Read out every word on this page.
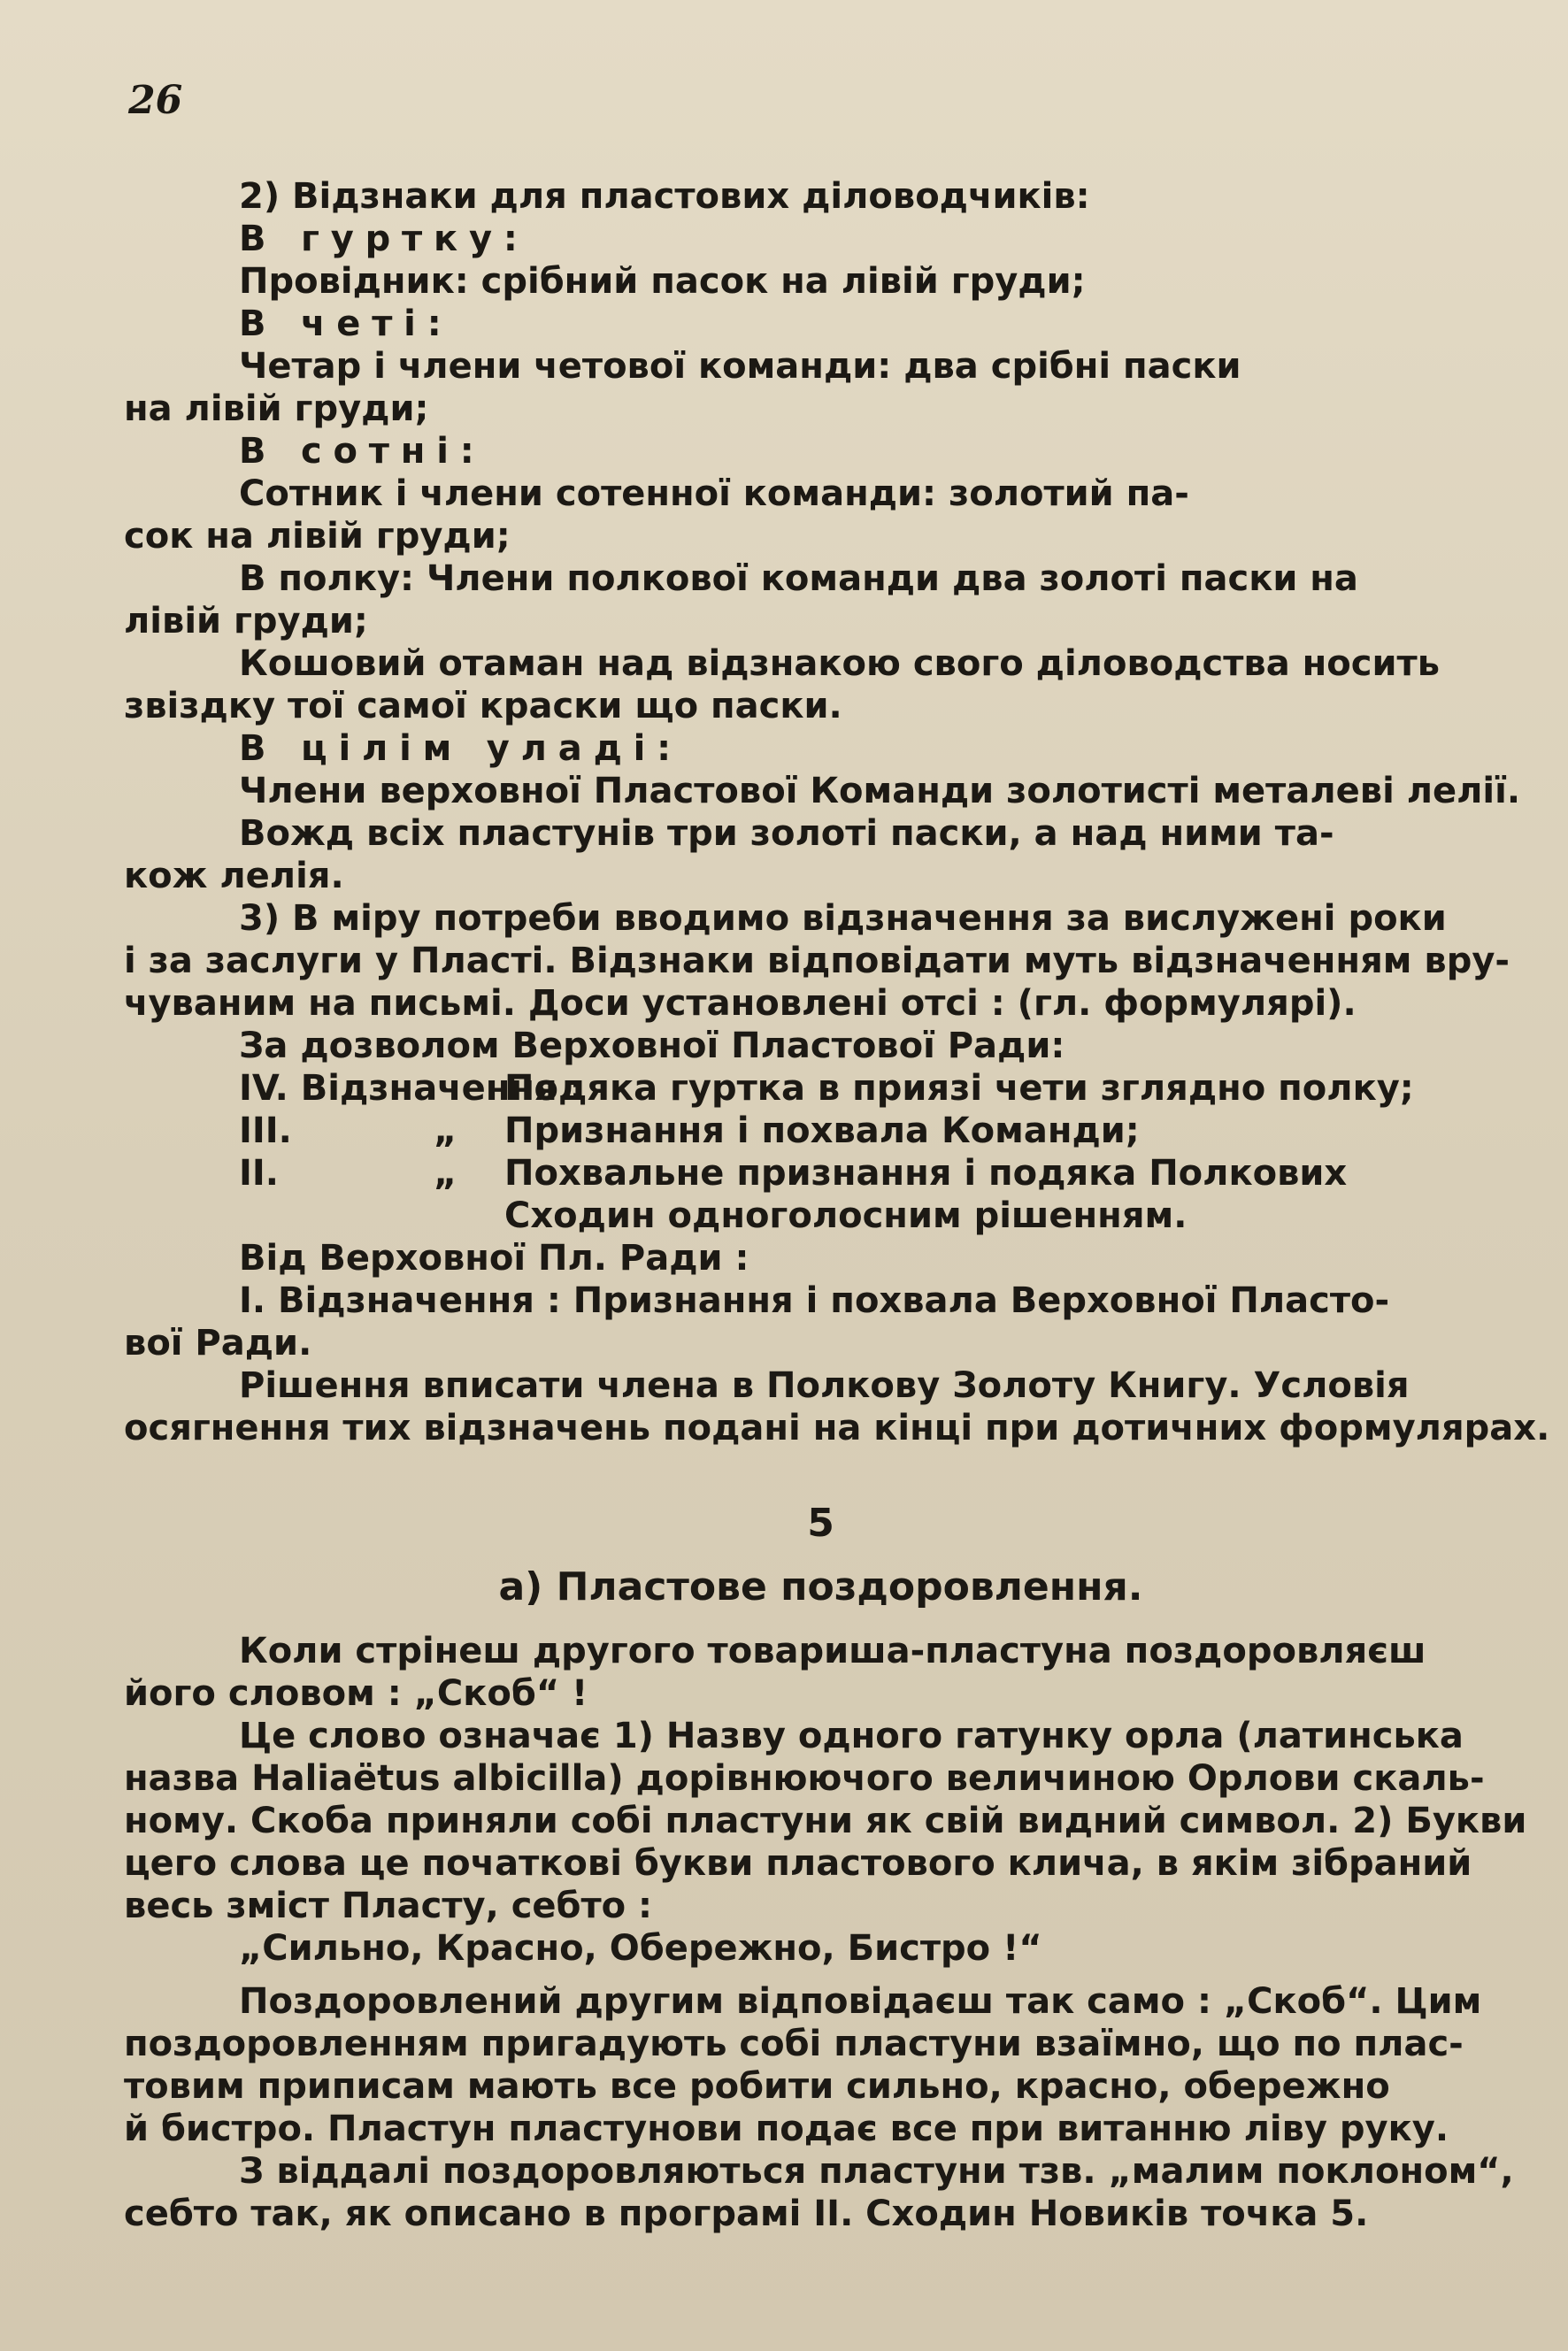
26
2) Відзнаки для пластових діловодчиків:
В гуртку:
Провідник: срібний пасок на лівій груди;
В четі:
Четар і члени четової команди: два срібні паски
на лівій груди;
В сотні:
Сотник і члени сотенної команди: золотий па-
сок на лівій груди;
В полку: Члени полкової команди два золоті паски на
лівій груди;
Кошовий отаман над відзнакою свого діловодства носить
звіздку тої самої краски що паски.
В цілім уладі:
Члени верховної Пластової Команди золотисті металеві лелії.
Вожд всіх пластунів три золоті паски, а над ними та-
кож лелія.
3) В міру потреби вводимо відзначення за вислужені роки
і за заслуги у Пласті. Відзнаки відповідати муть відзначенням вру-
чуваним на письмі. Доси установлені отсі : (гл. формулярі).
За дозволом Верховної Пластової Ради:
IV. Відзначення :Подяка гуртка в приязі чети зглядно полку;
III.	Признання і похвала Команди;
„
II.	Похвальне признання і подяка Полкових
„
Сходин одноголосним рішенням.
Від Верховної Пл. Ради :
I. Відзначення : Признання і похвала Верховної Пласто-
вої Ради.
Рішення вписати члена в Полкову Золоту Книгу. Условія
осягнення тих відзначень подані на кінці при дотичних формулярах.
5
а) Пластове поздоровлення.
Коли стрінеш другого товариша-пластуна поздоровляєш
його словом : „Скоб“ !
Це слово означає 1) Назву одного гатунку орла (латинська
назва Haliaëtus albicilla) дорівнюючого величиною Орлови скаль-
ному. Скоба приняли собі пластуни як свій видний символ. 2) Букви
цего слова це початкові букви пластового клича, в якім зібраний
весь зміст Пласту, себто :
„Сильно, Красно, Обережно, Бистро !“
Поздоровлений другим відповідаєш так само : „Скоб“. Цим
поздоровленням пригадують собі пластуни взаїмно, що по плас-
товим приписам мають все робити сильно, красно, обережно
й бистро. Пластун пластунови подає все при витанню ліву руку.
З віддалі поздоровляються пластуни тзв. „малим поклоном“,
себто так, як описано в програмі II. Сходин Новиків точка 5.
